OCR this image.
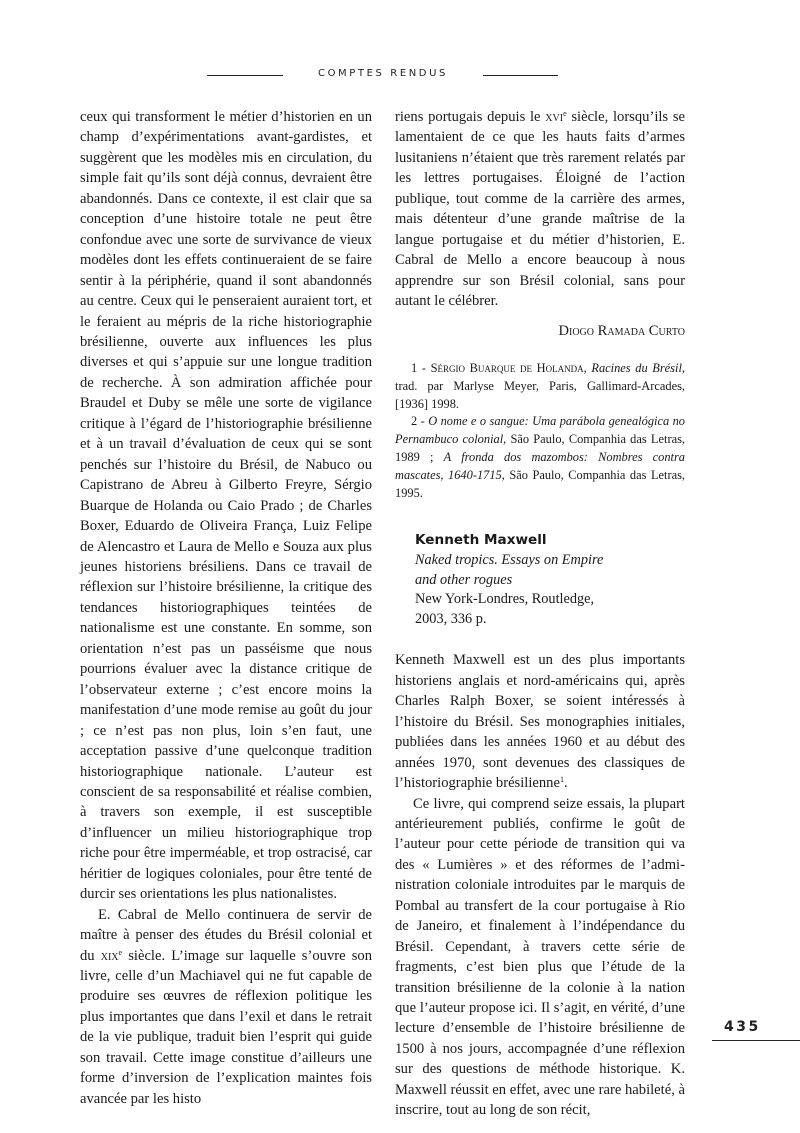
COMPTES RENDUS

ceux qui transforment le métier d’historien en un champ d’expérimentations avant-gardistes, et suggèrent que les modèles mis en circulation, du simple fait qu’ils sont déjà connus, devraient être abandonnés. Dans ce contexte, il est clair que sa conception d’une histoire totale ne peut être confondue avec une sorte de survivance de vieux modèles dont les effets continueraient de se faire sentir à la périphérie, quand il sont abandonnés au centre. Ceux qui le penseraient auraient tort, et le feraient au mépris de la riche historiographie brésilienne, ouverte aux influences les plus diverses et qui s’appuie sur une longue tradition de recherche. À son admiration affichée pour Braudel et Duby se mêle une sorte de vigilance critique à l’égard de l’historiographie brésilienne et à un travail d’évaluation de ceux qui se sont penchés sur l’histoire du Brésil, de Nabuco ou Capistrano de Abreu à Gilberto Freyre, Sérgio Buarque de Holanda ou Caio Prado ; de Charles Boxer, Eduardo de Oliveira França, Luiz Felipe de Alencastro et Laura de Mello e Souza aux plus jeunes historiens brésiliens. Dans ce travail de réflexion sur l’histoire brésilienne, la critique des tendances historiographiques teintées de nationalisme est une constante. En somme, son orientation n’est pas un passéisme que nous pourrions évaluer avec la distance critique de l’observateur externe ; c’est encore moins la manifestation d’une mode remise au goût du jour ; ce n’est pas non plus, loin s’en faut, une acceptation passive d’une quelconque tradition historiographique nationale. L’auteur est conscient de sa responsabilité et réalise combien, à travers son exemple, il est susceptible d’influencer un milieu historiographique trop riche pour être imperméable, et trop ostracisé, car héritier de logiques coloniales, pour être tenté de durcir ses orientations les plus nationalistes.

E. Cabral de Mello continuera de servir de maître à penser des études du Brésil colonial et du xix$^e$ siècle. L’image sur laquelle s’ouvre son livre, celle d’un Machiavel qui ne fut capable de produire ses œuvres de réflexion politique les plus importantes que dans l’exil et dans le retrait de la vie publique, traduit bien l’esprit qui guide son travail. Cette image constitue d’ailleurs une forme d’inversion de l’explication maintes fois avancée par les histo

riens portugais depuis le xvi$^e$ siècle, lorsqu’ils se lamentaient de ce que les hauts faits d’armes lusitaniens n’étaient que très rarement relatés par les lettres portugaises. Éloigné de l’action publique, tout comme de la carrière des armes, mais détenteur d’une grande maîtrise de la langue portugaise et du métier d’historien, E. Cabral de Mello a encore beaucoup à nous apprendre sur son Brésil colonial, sans pour autant le célébrer.

Diogo Ramada Curto

1 - Sérgio Buarque de Holanda, Racines du Brésil, trad. par Marlyse Meyer, Paris, Gallimard-Arcades, [1936] 1998.

2 - O nome e o sangue: Uma parábola genealógica no Pernambuco colonial, São Paulo, Companhia das Letras, 1989 ; A fronda dos mazombos: Nombres contra mascates, 1640-1715, São Paulo, Companhia das Letras, 1995.

Kenneth Maxwell
Naked tropics. Essays on Empire
and other rogues
New York-Londres, Routledge,
2003, 336 p.

Kenneth Maxwell est un des plus importants historiens anglais et nord-américains qui, après Charles Ralph Boxer, se soient intéressés à l’histoire du Brésil. Ses monographies initiales, publiées dans les années 1960 et au début des années 1970, sont devenues des classiques de l’historiographie brésilienne$^1$.

Ce livre, qui comprend seize essais, la plupart antérieurement publiés, confirme le goût de l’auteur pour cette période de transition qui va des « Lumières » et des réformes de l’administration coloniale introduites par le marquis de Pombal au transfert de la cour portugaise à Rio de Janeiro, et finalement à l’indépendance du Brésil. Cependant, à travers cette série de fragments, c’est bien plus que l’étude de la transition brésilienne de la colonie à la nation que l’auteur propose ici. Il s’agit, en vérité, d’une lecture d’ensemble de l’histoire brésilienne de 1500 à nos jours, accompagnée d’une réflexion sur des questions de méthode historique. K. Maxwell réussit en effet, avec une rare habileté, à inscrire, tout au long de son récit,

435
